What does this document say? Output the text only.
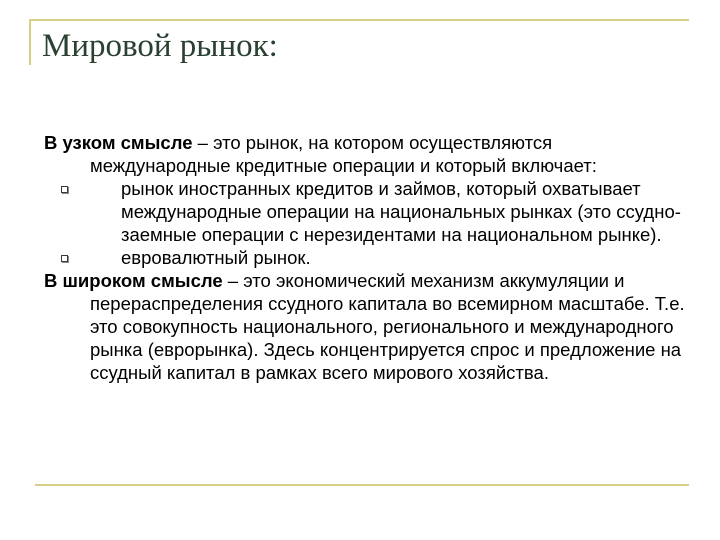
Мировой рынок:

В узком смысле – это рынок, на котором осуществляются международные кредитные операции и который включает:

рынок иностранных кредитов и займов, который охватывает международные операции на национальных рынках (это ссудно-заемные операции с нерезидентами на национальном рынке).
евровалютный рынок.

В широком смысле – это экономический механизм аккумуляции и перераспределения ссудного капитала во всемирном масштабе. Т.е. это совокупность национального, регионального и международного рынка (еврорынка). Здесь концентрируется спрос и предложение на ссудный капитал в рамках всего мирового хозяйства.
